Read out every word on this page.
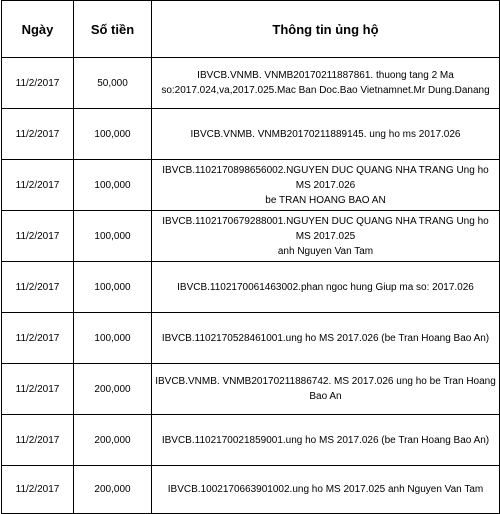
Ngày	Số tiền	Thông tin ủng hộ
11/2/2017	50,000	IBVCB.VNMB. VNMB20170211887861. thuong tang 2 Ma
so:2017.024,va,2017.025.Mac Ban Doc.Bao Vietnamnet.Mr Dung.Danang

11/2/2017	100,000	IBVCB.VNMB. VNMB20170211889145. ung ho ms 2017.026

11/2/2017	100,000	IBVCB.1102170898656002.NGUYEN DUC QUANG NHA TRANG Ung ho MS 2017.026
be TRAN HOANG BAO AN

11/2/2017	100,000	IBVCB.1102170679288001.NGUYEN DUC QUANG NHA TRANG Ung ho MS 2017.025
anh Nguyen Van Tam

11/2/2017	100,000	IBVCB.1102170061463002.phan ngoc hung Giup ma so: 2017.026

11/2/2017	100,000	IBVCB.1102170528461001.ung ho MS 2017.026 (be Tran Hoang Bao An)

11/2/2017	200,000	IBVCB.VNMB. VNMB20170211886742. MS 2017.026 ung ho be Tran Hoang Bao An

11/2/2017	200,000	IBVCB.1102170021859001.ung ho MS 2017.026 (be Tran Hoang Bao An)

11/2/2017	200,000	IBVCB.1002170663901002.ung ho MS 2017.025 anh Nguyen Van Tam
